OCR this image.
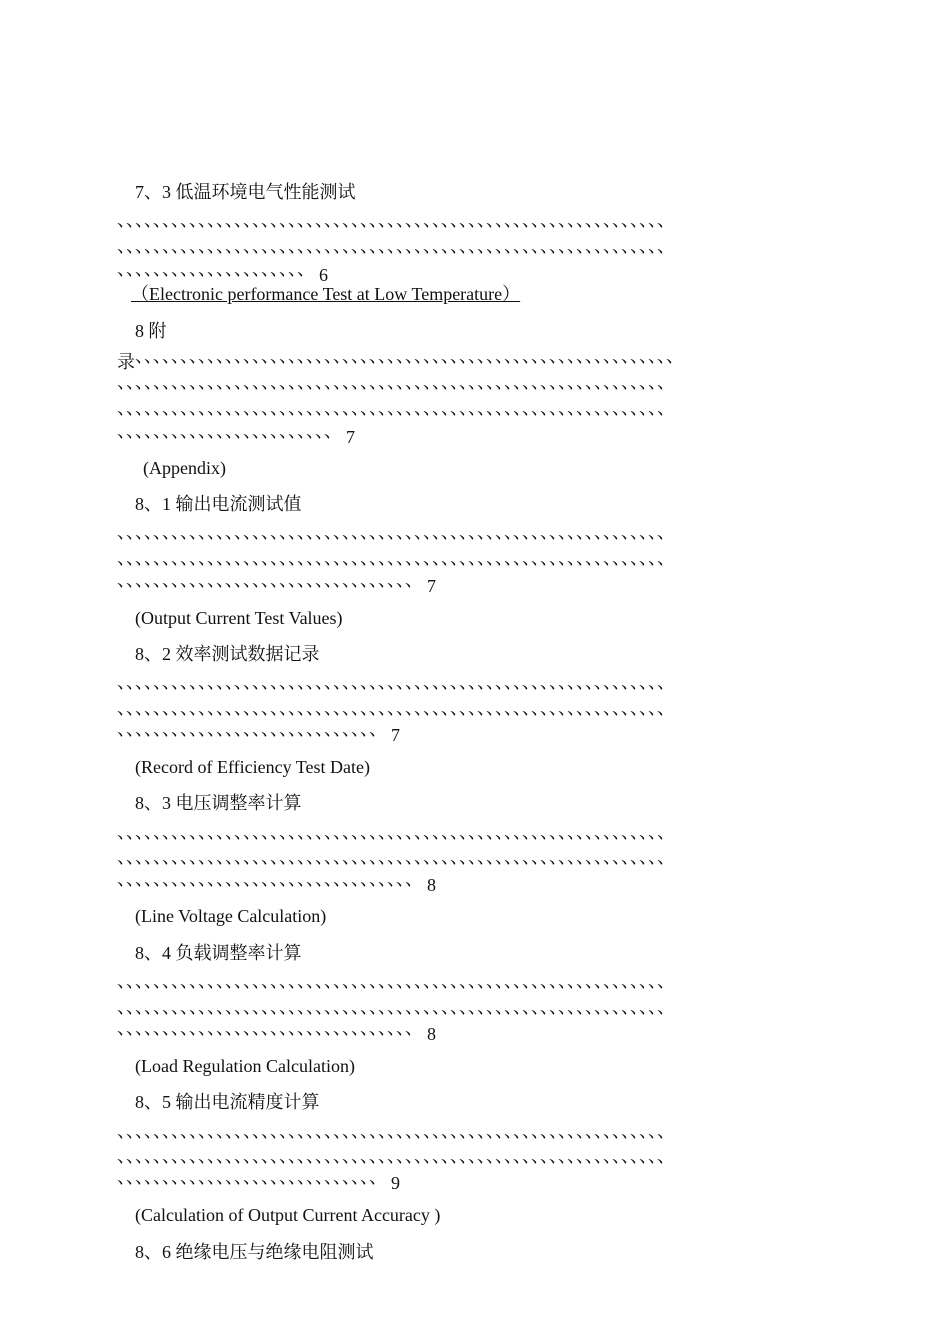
7、3 低温环境电气性能测试
、、、、、、、、、、、、、、、、、、、、、、、、、、、、、、、、、、、、、、、、、、、、、、、、、、、、、、、、、、、、、
、、、、、、、、、、、、、、、、、、、、、、、、、、、、、、、、、、、、、、、、、、、、、、、、、、、、、、、、、、、、、
、、、、、、、、、、、、、、、、、、、、、 6
（Electronic performance Test at Low Temperature）
8 附
录、、、、、、、、、、、、、、、、、、、、、、、、、、、、、、、、、、、、、、、、、、、、、、、、、、、、、、、、、、、、
、、、、、、、、、、、、、、、、、、、、、、、、、、、、、、、、、、、、、、、、、、、、、、、、、、、、、、、、、、、、、
、、、、、、、、、、、、、、、、、、、、、、、、、、、、、、、、、、、、、、、、、、、、、、、、、、、、、、、、、、、、、
、、、、、、、、、、、、、、、、、、、、、、、、 7
(Appendix)
8、1 输出电流测试值
、、、、、、、、、、、、、、、、、、、、、、、、、、、、、、、、、、、、、、、、、、、、、、、、、、、、、、、、、、、、、
、、、、、、、、、、、、、、、、、、、、、、、、、、、、、、、、、、、、、、、、、、、、、、、、、、、、、、、、、、、、、
、、、、、、、、、、、、、、、、、、、、、、、、、、、、、、、、、 7
(Output Current Test Values)
8、2 效率测试数据记录
、、、、、、、、、、、、、、、、、、、、、、、、、、、、、、、、、、、、、、、、、、、、、、、、、、、、、、、、、、、、、
、、、、、、、、、、、、、、、、、、、、、、、、、、、、、、、、、、、、、、、、、、、、、、、、、、、、、、、、、、、、、
、、、、、、、、、、、、、、、、、、、、、、、、、、、、、 7
(Record of Efficiency Test Date)
8、3 电压调整率计算
、、、、、、、、、、、、、、、、、、、、、、、、、、、、、、、、、、、、、、、、、、、、、、、、、、、、、、、、、、、、、
、、、、、、、、、、、、、、、、、、、、、、、、、、、、、、、、、、、、、、、、、、、、、、、、、、、、、、、、、、、、、
、、、、、、、、、、、、、、、、、、、、、、、、、、、、、、、、、 8
(Line Voltage Calculation)
8、4 负载调整率计算
、、、、、、、、、、、、、、、、、、、、、、、、、、、、、、、、、、、、、、、、、、、、、、、、、、、、、、、、、、、、、
、、、、、、、、、、、、、、、、、、、、、、、、、、、、、、、、、、、、、、、、、、、、、、、、、、、、、、、、、、、、、
、、、、、、、、、、、、、、、、、、、、、、、、、、、、、、、、、 8
(Load Regulation Calculation)
8、5 输出电流精度计算
、、、、、、、、、、、、、、、、、、、、、、、、、、、、、、、、、、、、、、、、、、、、、、、、、、、、、、、、、、、、、
、、、、、、、、、、、、、、、、、、、、、、、、、、、、、、、、、、、、、、、、、、、、、、、、、、、、、、、、、、、、、
、、、、、、、、、、、、、、、、、、、、、、、、、、、、、 9
(Calculation of Output Current Accuracy )
8、6 绝缘电压与绝缘电阻测试
